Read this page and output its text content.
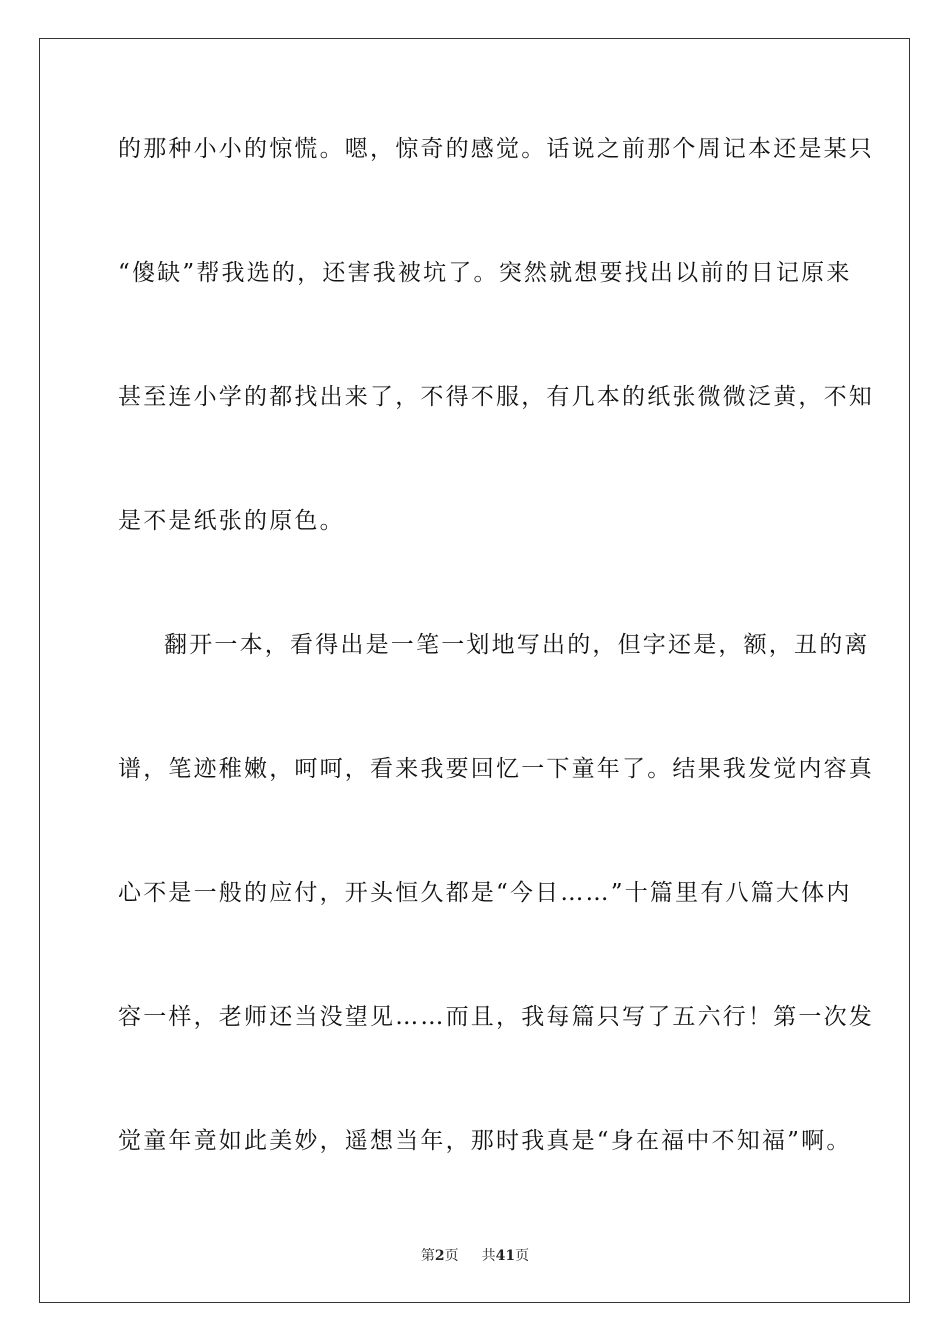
的那种小小的惊慌。嗯，惊奇的感觉。话说之前那个周记本还是某只
“傻缺”帮我选的，还害我被坑了。突然就想要找出以前的日记原来
甚至连小学的都找出来了，不得不服，有几本的纸张微微泛黄，不知
是不是纸张的原色。
翻开一本，看得出是一笔一划地写出的，但字还是，额，丑的离
谱，笔迹稚嫩，呵呵，看来我要回忆一下童年了。结果我发觉内容真
心不是一般的应付，开头恒久都是“今日……”十篇里有八篇大体内
容一样，老师还当没望见……而且，我每篇只写了五六行！第一次发
觉童年竟如此美妙，遥想当年，那时我真是“身在福中不知福”啊。
第2页 共41页
